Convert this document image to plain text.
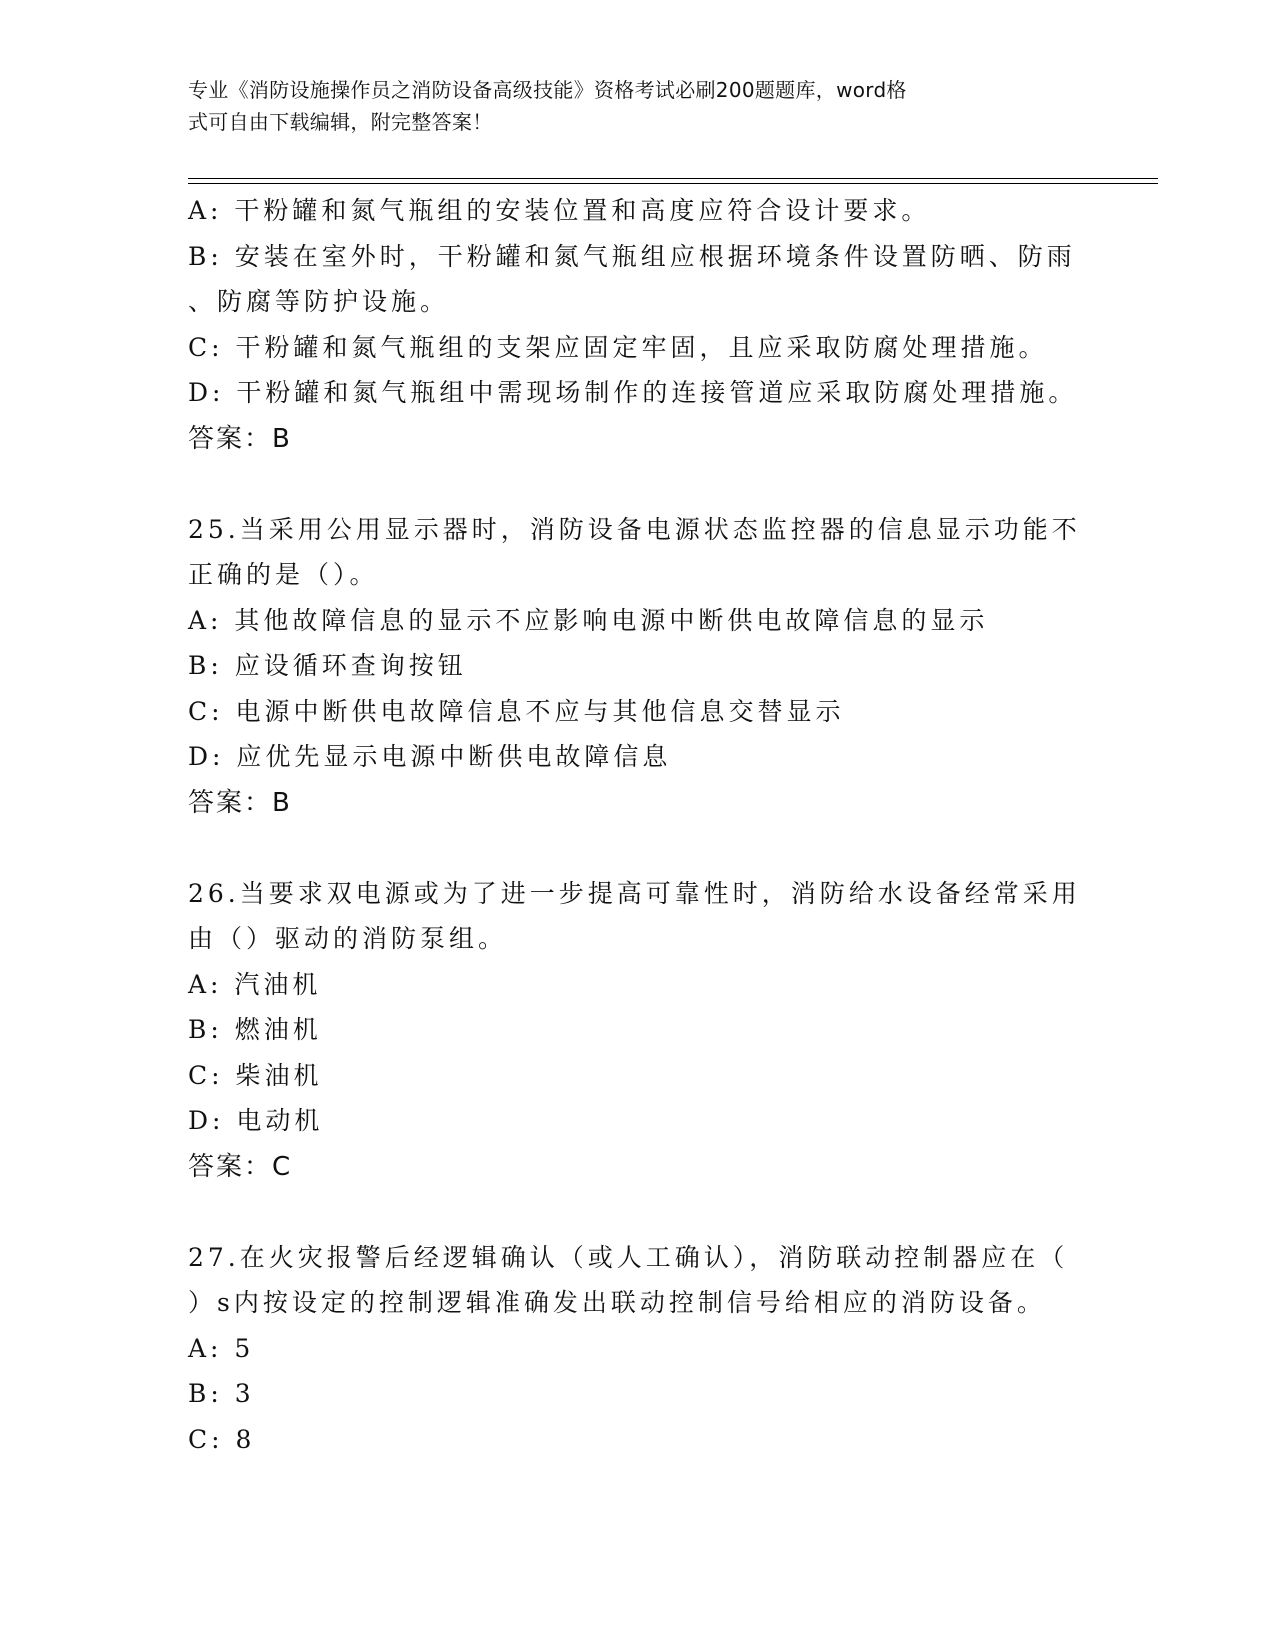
专业《消防设施操作员之消防设备高级技能》资格考试必刷200题题库，word格
式可自由下载编辑，附完整答案！
A: 干粉罐和氮气瓶组的安装位置和高度应符合设计要求。
B: 安装在室外时，干粉罐和氮气瓶组应根据环境条件设置防晒、防雨
、防腐等防护设施。
C: 干粉罐和氮气瓶组的支架应固定牢固，且应采取防腐处理措施。
D: 干粉罐和氮气瓶组中需现场制作的连接管道应采取防腐处理措施。
答案：B
25.当采用公用显示器时，消防设备电源状态监控器的信息显示功能不
正确的是（）。
A: 其他故障信息的显示不应影响电源中断供电故障信息的显示
B: 应设循环查询按钮
C: 电源中断供电故障信息不应与其他信息交替显示
D: 应优先显示电源中断供电故障信息
答案：B
26.当要求双电源或为了进一步提高可靠性时，消防给水设备经常采用
由（）驱动的消防泵组。
A: 汽油机
B: 燃油机
C: 柴油机
D: 电动机
答案：C
27.在火灾报警后经逻辑确认（或人工确认），消防联动控制器应在（
）s内按设定的控制逻辑准确发出联动控制信号给相应的消防设备。
A: 5
B: 3
C: 8
